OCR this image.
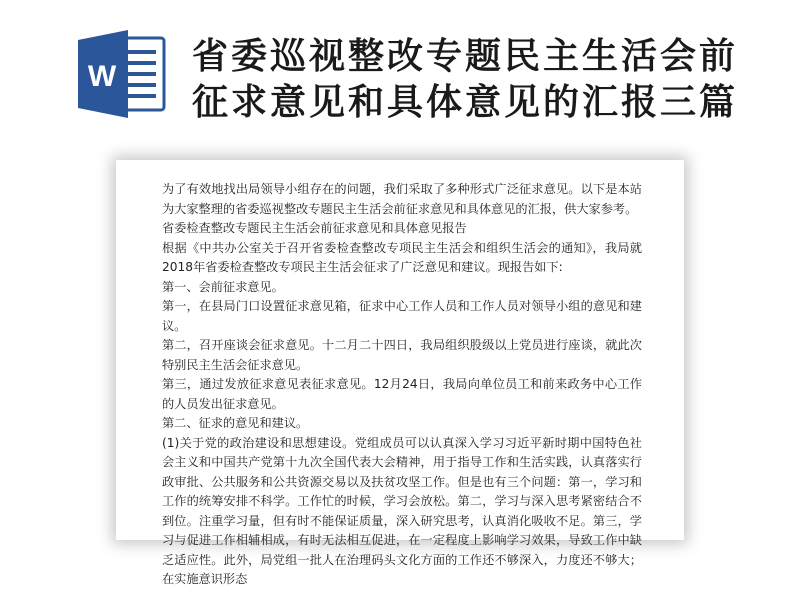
W 省委巡视整改专题民主生活会前
征求意见和具体意见的汇报三篇

为了有效地找出局领导小组存在的问题，我们采取了多种形式广泛征求意见。以下是本站为大家整理的省委巡视整改专题民主生活会前征求意见和具体意见的汇报，供大家参考。

省委检查整改专题民主生活会前征求意见和具体意见报告

根据《中共办公室关于召开省委检查整改专项民主生活会和组织生活会的通知》，我局就2018年省委检查整改专项民主生活会征求了广泛意见和建议。现报告如下:

第一、会前征求意见。

第一，在县局门口设置征求意见箱，征求中心工作人员和工作人员对领导小组的意见和建议。

第二，召开座谈会征求意见。十二月二十四日，我局组织股级以上党员进行座谈，就此次特别民主生活会征求意见。

第三，通过发放征求意见表征求意见。12月24日，我局向单位员工和前来政务中心工作的人员发出征求意见。

第二、征求的意见和建议。

(1)关于党的政治建设和思想建设。党组成员可以认真深入学习习近平新时期中国特色社会主义和中国共产党第十九次全国代表大会精神，用于指导工作和生活实践，认真落实行政审批、公共服务和公共资源交易以及扶贫攻坚工作。但是也有三个问题：第一，学习和工作的统筹安排不科学。工作忙的时候，学习会放松。第二，学习与深入思考紧密结合不到位。注重学习量，但有时不能保证质量，深入研究思考，认真消化吸收不足。第三，学习与促进工作相辅相成，有时无法相互促进，在一定程度上影响学习效果，导致工作中缺乏适应性。此外，局党组一批人在治理码头文化方面的工作还不够深入，力度还不够大；在实施意识形态
